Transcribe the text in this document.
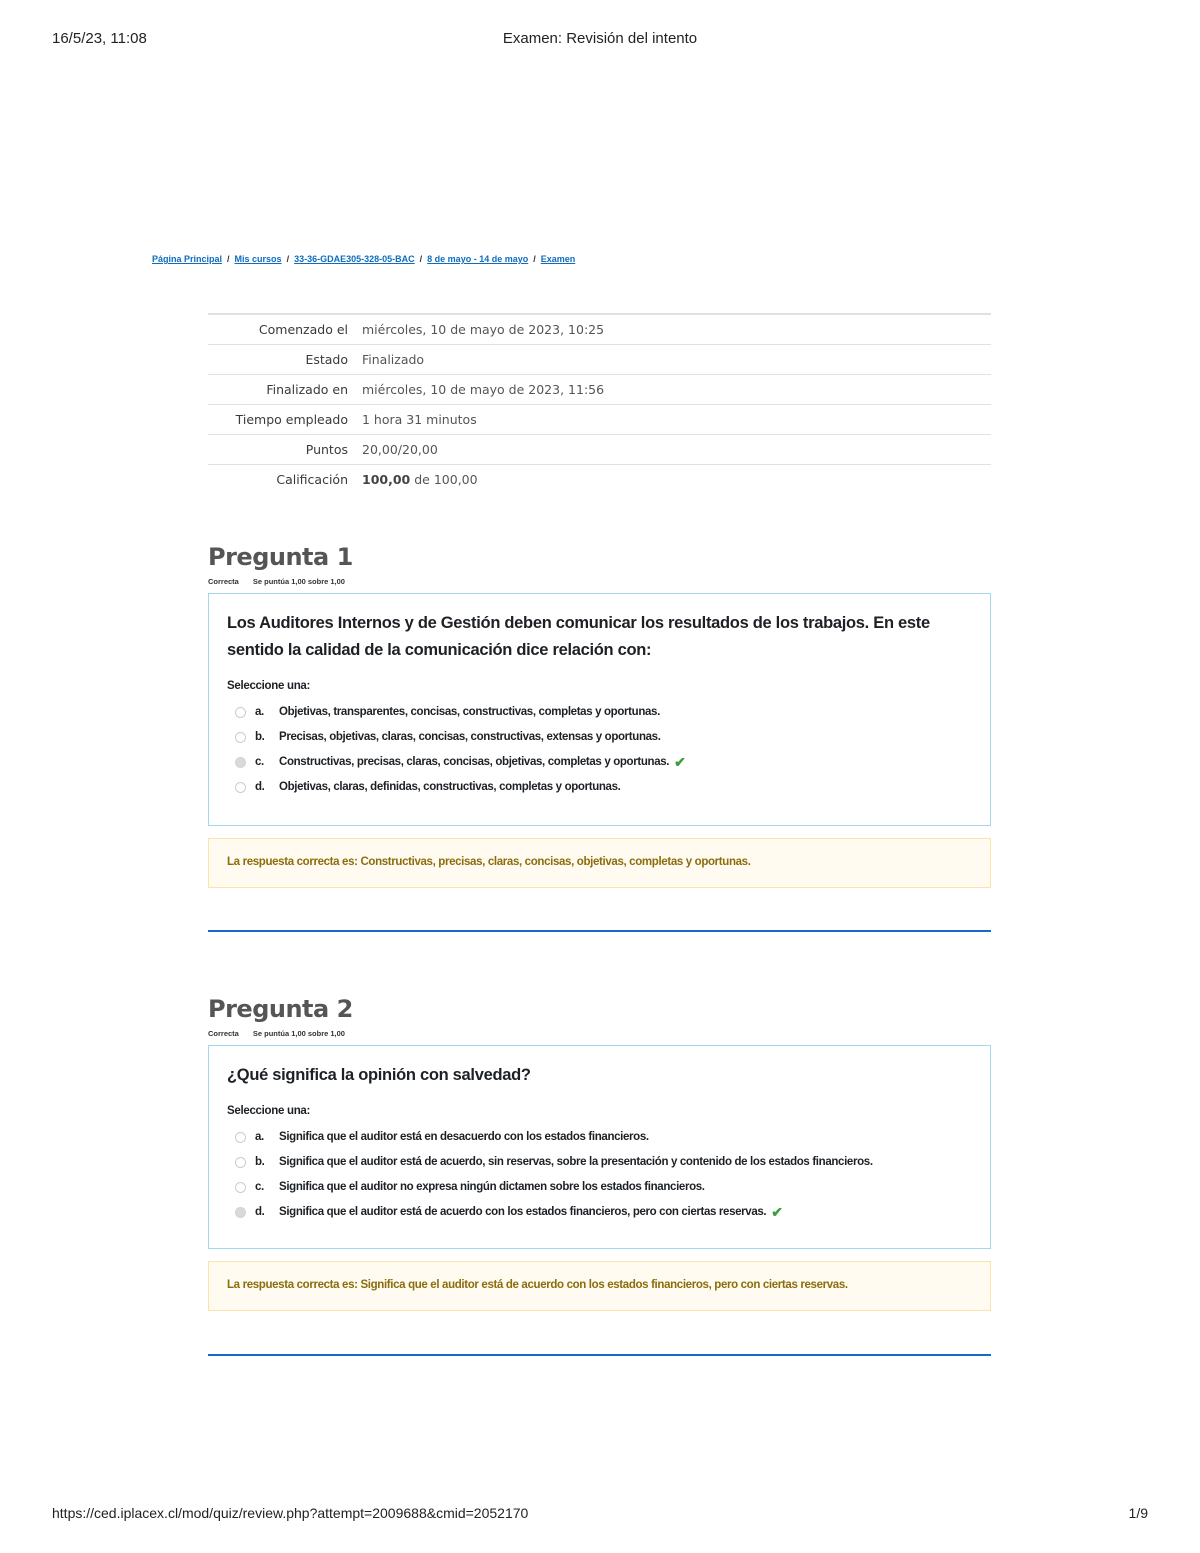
16/5/23, 11:08	Examen: Revisión del intento
Página Principal / Mis cursos / 33-36-GDAE305-328-05-BAC / 8 de mayo - 14 de mayo / Examen
Comenzado el	miércoles, 10 de mayo de 2023, 10:25
Estado	Finalizado
Finalizado en	miércoles, 10 de mayo de 2023, 11:56
Tiempo empleado	1 hora 31 minutos
Puntos	20,00/20,00
Calificación	100,00 de 100,00
Pregunta 1
Correcta Se puntúa 1,00 sobre 1,00
Los Auditores Internos y de Gestión deben comunicar los resultados de los trabajos. En este sentido la calidad de la comunicación dice relación con:
Seleccione una:
a.	Objetivas, transparentes, concisas, constructivas, completas y oportunas.
b.	Precisas, objetivas, claras, concisas, constructivas, extensas y oportunas.
c.	Constructivas, precisas, claras, concisas, objetivas, completas y oportunas. ✔
d.	Objetivas, claras, definidas, constructivas, completas y oportunas.
La respuesta correcta es: Constructivas, precisas, claras, concisas, objetivas, completas y oportunas.
Pregunta 2
Correcta Se puntúa 1,00 sobre 1,00
¿Qué significa la opinión con salvedad?
Seleccione una:
a.	Significa que el auditor está en desacuerdo con los estados financieros.
b.	Significa que el auditor está de acuerdo, sin reservas, sobre la presentación y contenido de los estados financieros.
c.	Significa que el auditor no expresa ningún dictamen sobre los estados financieros.
d.	Significa que el auditor está de acuerdo con los estados financieros, pero con ciertas reservas. ✔
La respuesta correcta es: Significa que el auditor está de acuerdo con los estados financieros, pero con ciertas reservas.
https://ced.iplacex.cl/mod/quiz/review.php?attempt=2009688&cmid=2052170	1/9
